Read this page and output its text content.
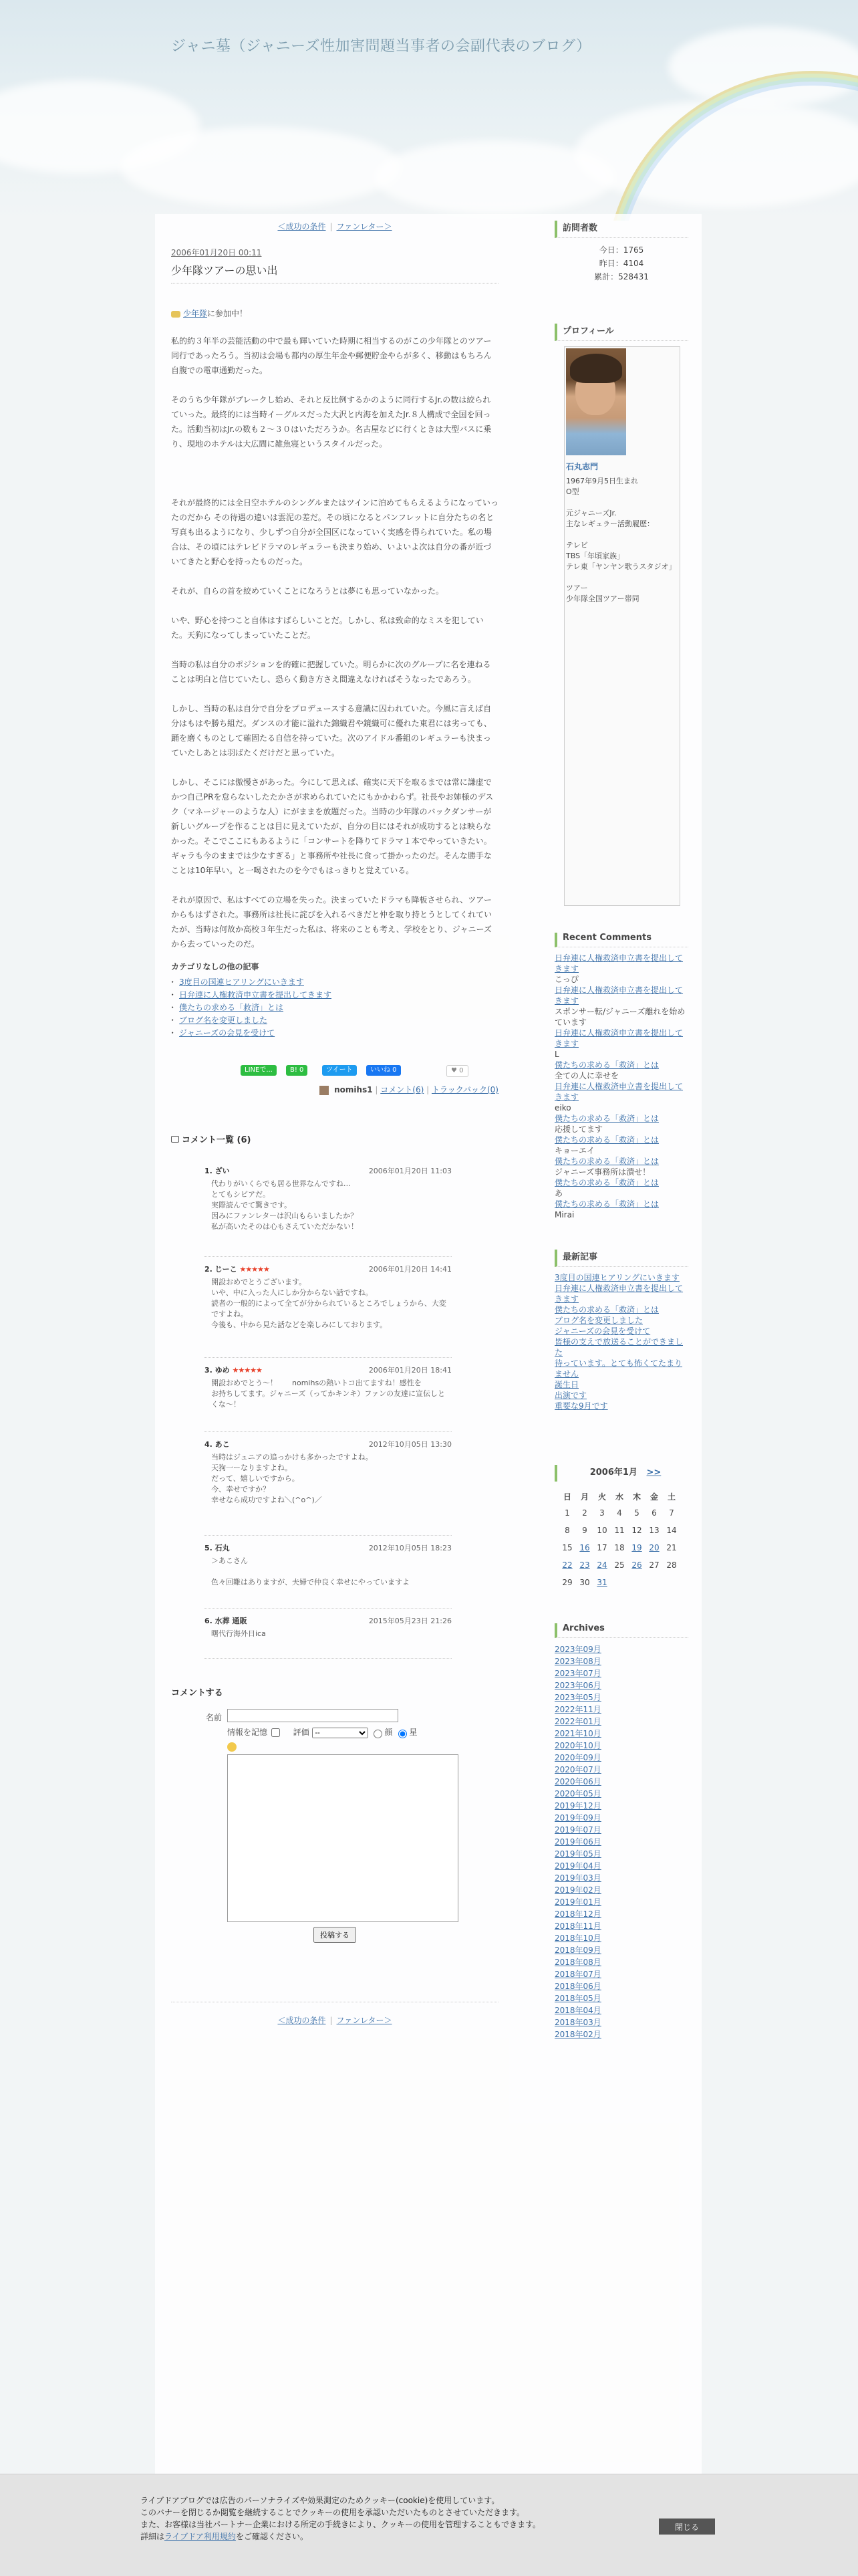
ジャニ墓（ジャニーズ性加害問題当事者の会副代表のブログ）
＜成功の条件 | ファンレター＞
2006年01月20日 00:11
少年隊ツアーの思い出
少年隊に参加中！

私的約３年半の芸能活動の中で最も輝いていた時期に相当するのがこの少年隊とのツアー同行であったろう。当初は会場も都内の厚生年金や郵便貯金やらが多く、移動はもちろん自腹での電車通勤だった。

そのうち少年隊がブレークし始め、それと反比例するかのように同行するJr.の数は絞られていった。最終的には当時イーグルスだった大沢と内海を加えたJr.８人構成で全国を回った。活動当初はJr.の数も２〜３０はいただろうか。名古屋などに行くときは大型バスに乗り、現地のホテルは大広間に雑魚寝というスタイルだった。

それが最終的には全日空ホテルのシングルまたはツインに泊めてもらえるようになっていったのだから その待遇の違いは雲泥の差だ。その頃になるとパンフレットに自分たちの名と写真も出るようになり、少しずつ自分が全国区になっていく実感を得られていた。私の場合は、その頃にはテレビドラマのレギュラーも決まり始め、いよいよ次は自分の番が近づいてきたと野心を持ったものだった。

それが、自らの首を絞めていくことになろうとは夢にも思っていなかった。

いや、野心を持つこと自体はすばらしいことだ。しかし、私は致命的なミスを犯していた。天狗になってしまっていたことだ。

当時の私は自分のポジションを的確に把握していた。明らかに次のグループに名を連ねることは明白と信じていたし、恐らく動き方さえ間違えなければそうなったであろう。

しかし、当時の私は自分で自分をプロデュースする意識に囚われていた。今風に言えば自分はもはや勝ち組だ。ダンスの才能に溢れた錦織君や鏡織可に優れた東君には劣っても、踊を磨くものとして確固たる自信を持っていた。次のアイドル番組のレギュラーも決まっていたしあとは羽ばたくだけだと思っていた。

しかし、そこには傲慢さがあった。今にして思えば、確実に天下を取るまでは常に謙虚でかつ自己PRを怠らないしたたかさが求められていたにもかかわらず。社長やお姉様のデスク（マネージャーのような人）にがままを放題だった。当時の少年隊のバックダンサーが新しいグループを作ることは目に見えていたが、自分の目にはそれが成功するとは映らなかった。そこでここにもあるように「コンサートを降りてドラマ１本でやっていきたい。ギャラも今のままでは少なすぎる」と事務所や社長に食って掛かったのだ。そんな勝手なことは10年早い。と一喝されたのを今でもはっきりと覚えている。

それが原因で、私はすべての立場を失った。決まっていたドラマも降板させられ、ツアーからもはずされた。事務所は社長に詫びを入れるべきだと仲を取り持とうとしてくれていたが、当時は何故か高校３年生だった私は、将来のことも考え、学校をとり、ジャニーズから去っていったのだ。

カテゴリなしの他の記事
・ 3度目の国連ヒアリングにいきます
・ 日弁連に人権救済申立書を提出してきます
・ 僕たちの求める「救済」とは
・ ブログ名を変更しました
・ ジャニーズの会見を受けて
LINEで...	B! 0	ツイート	いいね 0	♥ 0
nomihs1 | コメント(6) | トラックバック(0)
コメント一覧 (6)
1. ざい	2006年01月20日 11:03
代わりがいくらでも居る世界なんですね…
とてもシビアだ。
実際読んでて驚きです。
因みにファンレターは沢山もらいましたか？
私が高いたそのは心もさえていただかない！
2. じーこ ★★★★★	2006年01月20日 14:41
開設おめでとうございます。
いや、中に入った人にしか分からない話ですね。
読者の一般的によって全てが分かられているところでしょうから、大変ですよね。
今後も、中から見た話などを楽しみにしております。
3. ゆめ ★★★★★	2006年01月20日 18:41
開設おめでとう〜！　　nomihsの熱いトコ出てますね！感性を
お持ちしてます。ジャニーズ（ってかキンキ）ファンの友達に宣伝しとくな〜！
4. あこ	2012年10月05日 13:30
当時はジュニアの追っかけも多かったですよね。
天狗一ーなりますよね。
だって、嬉しいですから。
今、幸せですか？
幸せなら成功ですよね＼(^o^)／
5. 石丸	2012年10月05日 18:23
＞あこさん

色々回難はありますが、夫婦で仲良く幸せにやっていますよ
6. 水葬 通販	2015年05月23日 21:26
曙代行海外日ica
コメントする
名前
情報を記憶	評価
--	顔 星
投稿する
＜成功の条件 | ファンレター＞
訪問者数
今日：1765
昨日：4104
累計：528431
プロフィール
石丸志門
1967年9月5日生まれ
O型
元ジャニーズJr.
主なレギュラー活動履歴：
テレビ
TBS「年頃家族」
テレ東「ヤンヤン歌うスタジオ」
ツアー
少年隊全国ツアー帯同
Recent Comments
日弁連に人権救済申立書を提出してきます
こっぴ
日弁連に人権救済申立書を提出してきます
スポンサー転/ジャニーズ離れを始めています
日弁連に人権救済申立書を提出してきます
L
僕たちの求める「救済」とは
全ての人に幸せを
日弁連に人権救済申立書を提出してきます
eiko
僕たちの求める「救済」とは
応援してます
僕たちの求める「救済」とは
キョーエイ
僕たちの求める「救済」とは
ジャニーズ事務所は潰せ！
僕たちの求める「救済」とは
あ
僕たちの求める「救済」とは
Mirai
最新記事
3度目の国連ヒアリングにいきます
日弁連に人権救済申立書を提出してきます
僕たちの求める「救済」とは
ブログ名を変更しました
ジャニーズの会見を受けて
皆様の支えで放送ることができました
待っています。とても怖くてたまりません
誕生日
出演です
重要な9月です
2006年1月 >>
日	月	火	水	木	金	土
1	2	3	4	5	6	7
8	9	10	11	12	13	14
15	16	17	18	19	20	21
22	23	24	25	26	27	28
29	30	31				
Archives
2023年09月
2023年08月
2023年07月
2023年06月
2023年05月
2022年11月
2022年01月
2021年10月
2020年10月
2020年09月
2020年07月
2020年06月
2020年05月
2019年12月
2019年09月
2019年07月
2019年06月
2019年05月
2019年04月
2019年03月
2019年02月
2019年01月
2018年12月
2018年11月
2018年10月
2018年09月
2018年08月
2018年07月
2018年06月
2018年05月
2018年04月
2018年03月
2018年02月
ライブドアブログでは広告のパーソナライズや効果測定のためクッキー(cookie)を使用しています。
このバナーを閉じるか閲覧を継続することでクッキーの使用を承認いただいたものとさせていただきます。
また、お客様は当社パートナー企業における所定の手続きにより、クッキーの使用を管理することもできます。
詳細はライブドア利用規約をご確認ください。
閉じる
